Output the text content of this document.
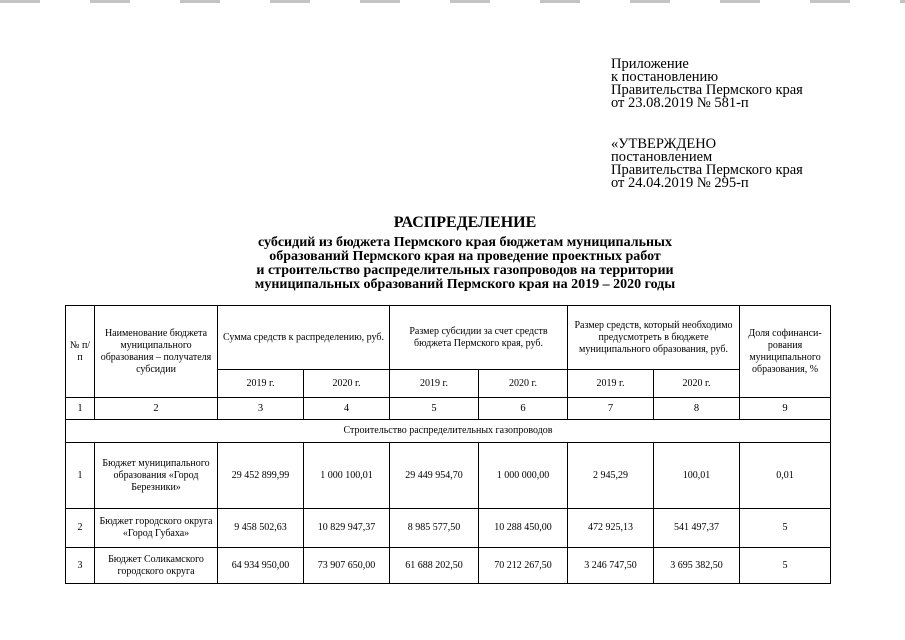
Приложение
к постановлению
Правительства Пермского края
от 23.08.2019 № 581-п
«УТВЕРЖДЕНО
постановлением
Правительства Пермского края
от 24.04.2019 № 295-п
РАСПРЕДЕЛЕНИЕ
субсидий из бюджета Пермского края бюджетам муниципальных
образований Пермского края на проведение проектных работ
и строительство распределительных газопроводов на территории
муниципальных образований Пермского края на 2019 – 2020 годы
№ п/п	Наименование бюджета муниципального образования – получателя субсидии	Сумма средств к распределению, руб.		Размер субсидии за счет средств бюджета Пермского края, руб.		Размер средств, который необходимо предусмотреть в бюджете муниципального образования, руб.		Доля софинанси-рования муниципального образования, %
		2019 г.	2020 г.	2019 г.	2020 г.	2019 г.	2020 г.	
1	2	3	4	5	6	7	8	9
Строительство распределительных газопроводов								
1	Бюджет муниципального образования «Город Березники»	29 452 899,99	1 000 100,01	29 449 954,70	1 000 000,00	2 945,29	100,01	0,01
2	Бюджет городского округа «Город Губаха»	9 458 502,63	10 829 947,37	8 985 577,50	10 288 450,00	472 925,13	541 497,37	5
3	Бюджет Соликамского городского округа	64 934 950,00	73 907 650,00	61 688 202,50	70 212 267,50	3 246 747,50	3 695 382,50	5
